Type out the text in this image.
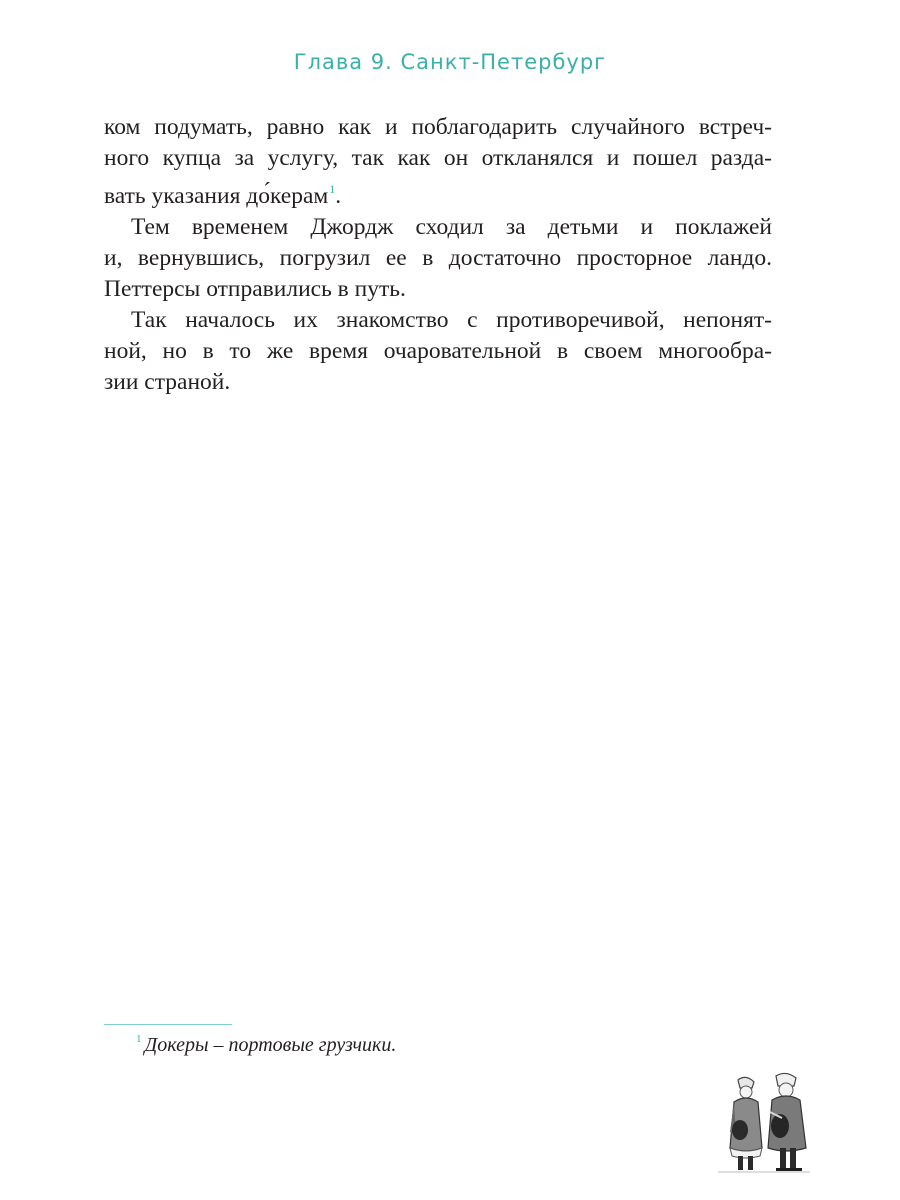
Глава 9. Санкт-Петербург
ком подумать, равно как и поблагодарить случайного встреч-
ного купца за услугу, так как он откланялся и пошел разда-
вать указания до́керам$^1$.
Тем временем Джордж сходил за детьми и поклажей
и, вернувшись, погрузил ее в достаточно просторное ландо.
Петтерсы отправились в путь.
Так началось их знакомство с противоречивой, непонят-
ной, но в то же время очаровательной в своем многообра-
зии страной.
$^1$ Докеры – портовые грузчики.
